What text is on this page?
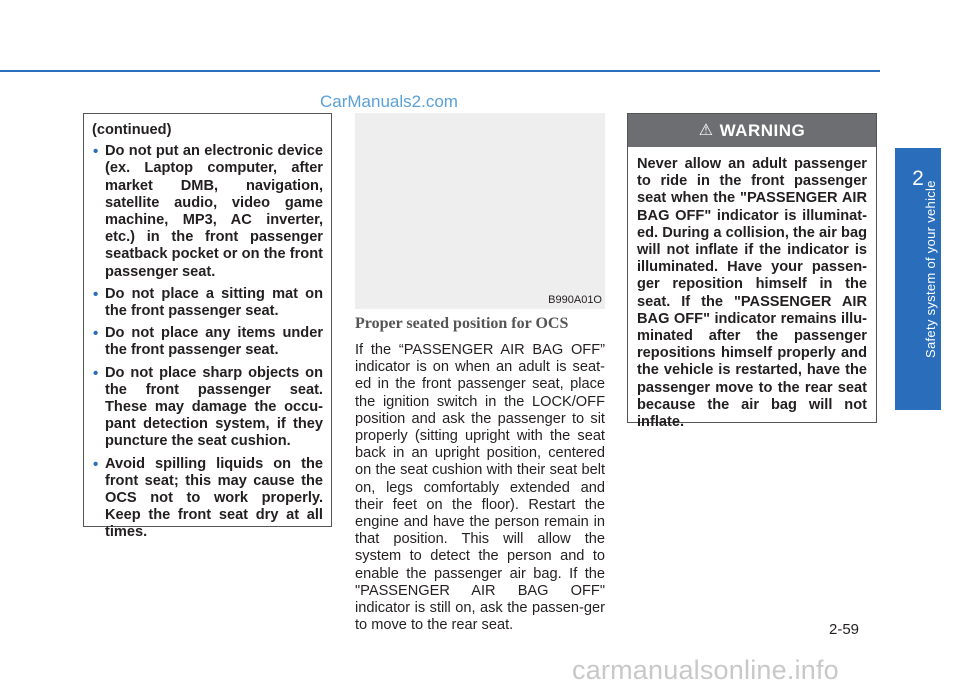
CarManuals2.com

(continued)

• Do not put an electronic device (ex. Laptop computer, after market DMB, navigation, satellite audio, video game machine, MP3, AC inverter, etc.) in the front passenger seatback pocket or on the front passenger seat.
• Do not place a sitting mat on the front passenger seat.
• Do not place any items under the front passenger seat.
• Do not place sharp objects on the front passenger seat. These may damage the occu-pant detection system, if they puncture the seat cushion.
• Avoid spilling liquids on the front seat; this may cause the OCS not to work properly. Keep the front seat dry at all times.
B990A01O
Proper seated position for OCS

If the “PASSENGER AIR BAG OFF” indicator is on when an adult is seat-ed in the front passenger seat, place the ignition switch in the LOCK/OFF position and ask the passenger to sit properly (sitting upright with the seat back in an upright position, centered on the seat cushion with their seat belt on, legs comfortably extended and their feet on the floor). Restart the engine and have the person remain in that position. This will allow the system to detect the person and to enable the passenger air bag. If the "PASSENGER AIR BAG OFF" indicator is still on, ask the passen-ger to move to the rear seat.

⚠ WARNING

Never allow an adult passenger to ride in the front passenger seat when the "PASSENGER AIR BAG OFF" indicator is illuminat-ed. During a collision, the air bag will not inflate if the indicator is illuminated. Have your passen-ger reposition himself in the seat. If the "PASSENGER AIR BAG OFF" indicator remains illu-minated after the passenger repositions himself properly and the vehicle is restarted, have the passenger move to the rear seat because the air bag will not inflate.

2
Safety system of your vehicle
2-59
carmanualsonline.info
